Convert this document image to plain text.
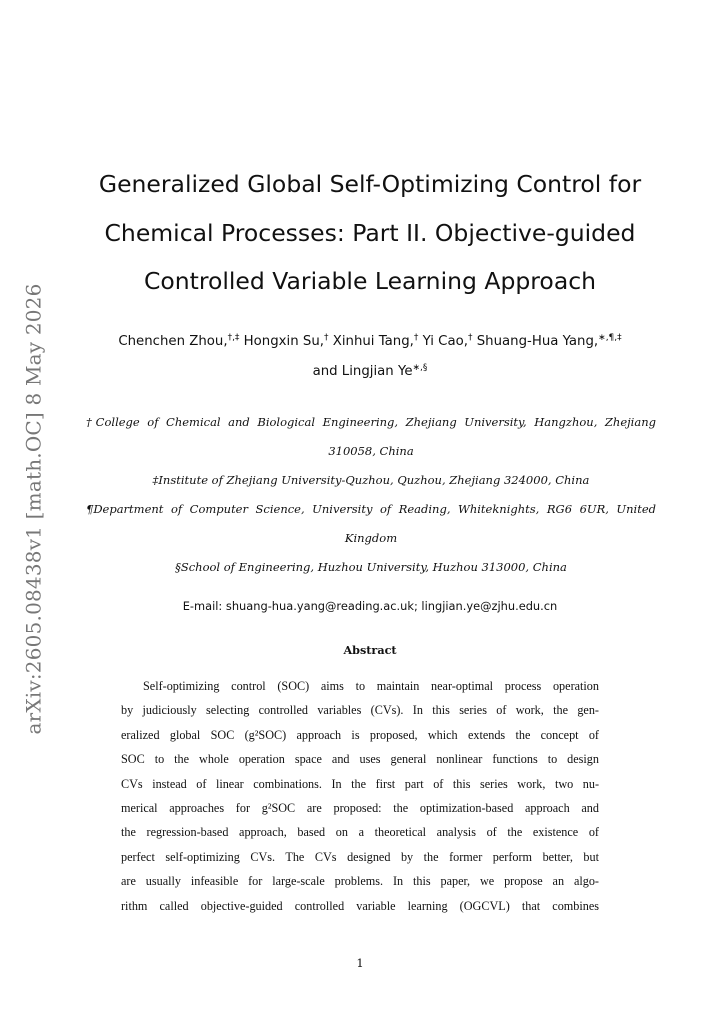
arXiv:2605.08438v1 [math.OC] 8 May 2026
Generalized Global Self-Optimizing Control for
Chemical Processes: Part II. Objective-guided
Controlled Variable Learning Approach
Chenchen Zhou,†,‡ Hongxin Su,† Xinhui Tang,† Yi Cao,† Shuang-Hua Yang,∗,¶,‡
and Lingjian Ye∗,§

†College of Chemical and Biological Engineering, Zhejiang University, Hangzhou, Zhejiang 310058, China

‡Institute of Zhejiang University-Quzhou, Quzhou, Zhejiang 324000, China

¶Department of Computer Science, University of Reading, Whiteknights, RG6 6UR, United Kingdom

§School of Engineering, Huzhou University, Huzhou 313000, China

E-mail: shuang-hua.yang@reading.ac.uk; lingjian.ye@zjhu.edu.cn
Abstract

Self-optimizing control (SOC) aims to maintain near-optimal process operation
by judiciously selecting controlled variables (CVs). In this series of work, the gen-
eralized global SOC (g²SOC) approach is proposed, which extends the concept of
SOC to the whole operation space and uses general nonlinear functions to design
CVs instead of linear combinations. In the first part of this series work, two nu-
merical approaches for g²SOC are proposed: the optimization-based approach and
the regression-based approach, based on a theoretical analysis of the existence of
perfect self-optimizing CVs. The CVs designed by the former perform better, but
are usually infeasible for large-scale problems. In this paper, we propose an algo-
rithm called objective-guided controlled variable learning (OGCVL) that combines

1
